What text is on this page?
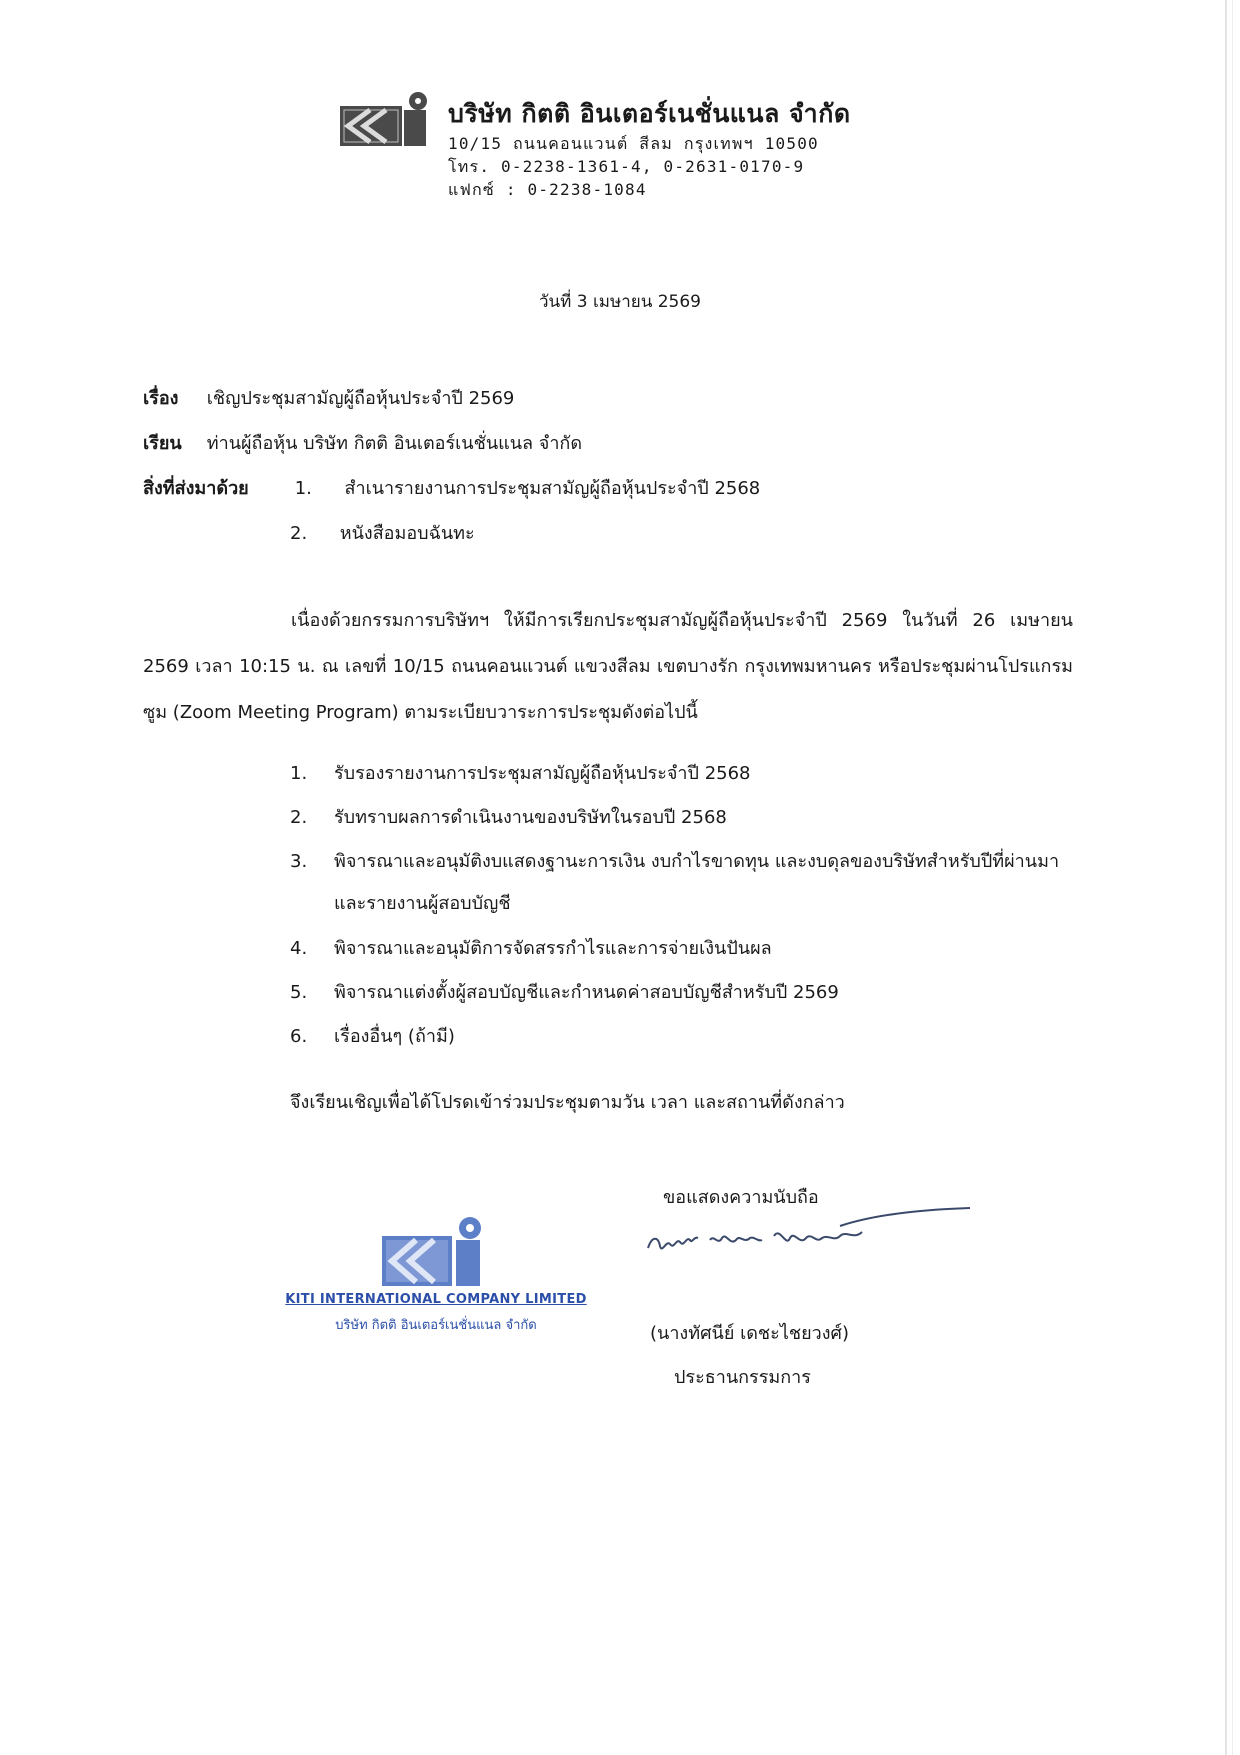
บริษัท กิตติ อินเตอร์เนชั่นแนล จำกัด
10/15 ถนนคอนแวนต์ สีลม กรุงเทพฯ 10500
โทร. 0-2238-1361-4, 0-2631-0170-9
แฟกซ์ : 0-2238-1084
วันที่ 3 เมษายน 2569
เรื่อง เชิญประชุมสามัญผู้ถือหุ้นประจำปี 2569
เรียน ท่านผู้ถือหุ้น บริษัท กิตติ อินเตอร์เนชั่นแนล จำกัด
สิ่งที่ส่งมาด้วย	1. สำเนารายงานการประชุมสามัญผู้ถือหุ้นประจำปี 2568
2. หนังสือมอบฉันทะ
เนื่องด้วยกรรมการบริษัทฯ ให้มีการเรียกประชุมสามัญผู้ถือหุ้นประจำปี 2569 ในวันที่ 26 เมษายน 2569 เวลา 10:15 น. ณ เลขที่ 10/15 ถนนคอนแวนต์ แขวงสีลม เขตบางรัก กรุงเทพมหานคร หรือประชุมผ่านโปรแกรมซูม (Zoom Meeting Program) ตามระเบียบวาระการประชุมดังต่อไปนี้
1. รับรองรายงานการประชุมสามัญผู้ถือหุ้นประจำปี 2568
2. รับทราบผลการดำเนินงานของบริษัทในรอบปี 2568
3. พิจารณาและอนุมัติงบแสดงฐานะการเงิน งบกำไรขาดทุน และงบดุลของบริษัทสำหรับปีที่ผ่านมา และรายงานผู้สอบบัญชี
4. พิจารณาและอนุมัติการจัดสรรกำไรและการจ่ายเงินปันผล
5. พิจารณาแต่งตั้งผู้สอบบัญชีและกำหนดค่าสอบบัญชีสำหรับปี 2569
6. เรื่องอื่นๆ (ถ้ามี)
จึงเรียนเชิญเพื่อได้โปรดเข้าร่วมประชุมตามวัน เวลา และสถานที่ดังกล่าว
ขอแสดงความนับถือ
KITI INTERNATIONAL COMPANY LIMITED
บริษัท กิตติ อินเตอร์เนชั่นแนล จำกัด	(นางทัศนีย์ เดชะไชยวงศ์)
ประธานกรรมการ
